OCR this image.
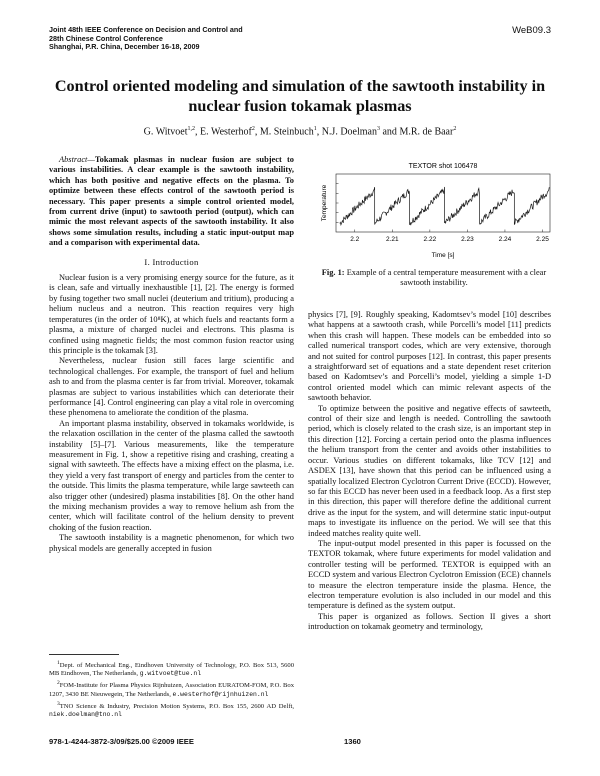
Joint 48th IEEE Conference on Decision and Control and
28th Chinese Control Conference
Shanghai, P.R. China, December 16-18, 2009
WeB09.3
Control oriented modeling and simulation of the sawtooth instability in
nuclear fusion tokamak plasmas
G. Witvoet$^{1,2}$, E. Westerhof$^2$, M. Steinbuch$^1$, N.J. Doelman$^3$ and M.R. de Baar$^2$

Abstract—Tokamak plasmas in nuclear fusion are subject to various instabilities. A clear example is the sawtooth instability, which has both positive and negative effects on the plasma. To optimize between these effects control of the sawtooth period is necessary. This paper presents a simple control oriented model, from current drive (input) to sawtooth period (output), which can mimic the most relevant aspects of the sawtooth instability. It also shows some simulation results, including a static input-output map and a comparison with experimental data.

I. Introduction

Nuclear fusion is a very promising energy source for the future, as it is clean, safe and virtually inexhaustible [1], [2]. The energy is formed by fusing together two small nuclei (deuterium and tritium), producing a helium nucleus and a neutron. This reaction requires very high temperatures (in the order of 10⁸K), at which fuels and reactants form a plasma, a mixture of charged nuclei and electrons. This plasma is confined using magnetic fields; the most common fusion reactor using this principle is the tokamak [3].

Nevertheless, nuclear fusion still faces large scientific and technological challenges. For example, the transport of fuel and helium ash to and from the plasma center is far from trivial. Moreover, tokamak plasmas are subject to various instabilities which can deteriorate their performance [4]. Control engineering can play a vital role in overcoming these phenomena to ameliorate the condition of the plasma.

An important plasma instability, observed in tokamaks worldwide, is the relaxation oscillation in the center of the plasma called the sawtooth instability [5]–[7]. Various measurements, like the temperature measurement in Fig. 1, show a repetitive rising and crashing, creating a signal with sawteeth. The effects have a mixing effect on the plasma, i.e. they yield a very fast transport of energy and particles from the center to the outside. This limits the plasma temperature, while large sawteeth can also trigger other (undesired) plasma instabilities [8]. On the other hand the mixing mechanism provides a way to remove helium ash from the center, which will facilitate control of the helium density to prevent choking of the fusion reaction.

The sawtooth instability is a magnetic phenomenon, for which two physical models are generally accepted in fusion

$^1$Dept. of Mechanical Eng., Eindhoven University of Technology, P.O. Box 513, 5600 MB Eindhoven, The Netherlands, g.witvoet@tue.nl

$^2$FOM-Institute for Plasma Physics Rijnhuizen, Association EURATOM-FOM, P.O. Box 1207, 3430 BE Nieuwegein, The Netherlands, e.westerhof@rijnhuizen.nl

$^3$TNO Science & Industry, Precision Motion Systems, P.O. Box 155, 2600 AD Delft, niek.doelman@tno.nl

TEXTOR shot 106478
2.2	2.21	2.22	2.23	2.24	2.25
Temperature
Time [s]
Fig. 1: Example of a central temperature measurement with a clear sawtooth instability.

physics [7], [9]. Roughly speaking, Kadomtsev’s model [10] describes what happens at a sawtooth crash, while Porcelli’s model [11] predicts when this crash will happen. These models can be embedded into so called numerical transport codes, which are very extensive, thorough and not suited for control purposes [12]. In contrast, this paper presents a straightforward set of equations and a state dependent reset criterion based on Kadomtsev’s and Porcelli’s model, yielding a simple 1-D control oriented model which can mimic relevant aspects of the sawtooth behavior.

To optimize between the positive and negative effects of sawteeth, control of their size and length is needed. Controlling the sawtooth period, which is closely related to the crash size, is an important step in this direction [12]. Forcing a certain period onto the plasma influences the helium transport from the center and avoids other instabilities to occur. Various studies on different tokamaks, like TCV [12] and ASDEX [13], have shown that this period can be influenced using a spatially localized Electron Cyclotron Current Drive (ECCD). However, so far this ECCD has never been used in a feedback loop. As a first step in this direction, this paper will therefore define the additional current drive as the input for the system, and will determine static input-output maps to investigate its influence on the period. We will see that this indeed matches reality quite well.

The input-output model presented in this paper is focussed on the TEXTOR tokamak, where future experiments for model validation and controller testing will be performed. TEXTOR is equipped with an ECCD system and various Electron Cyclotron Emission (ECE) channels to measure the electron temperature inside the plasma. Hence, the electron temperature evolution is also included in our model and this temperature is defined as the system output.

This paper is organized as follows. Section II gives a short introduction on tokamak geometry and terminology,

978-1-4244-3872-3/09/$25.00 ©2009 IEEE	1360
